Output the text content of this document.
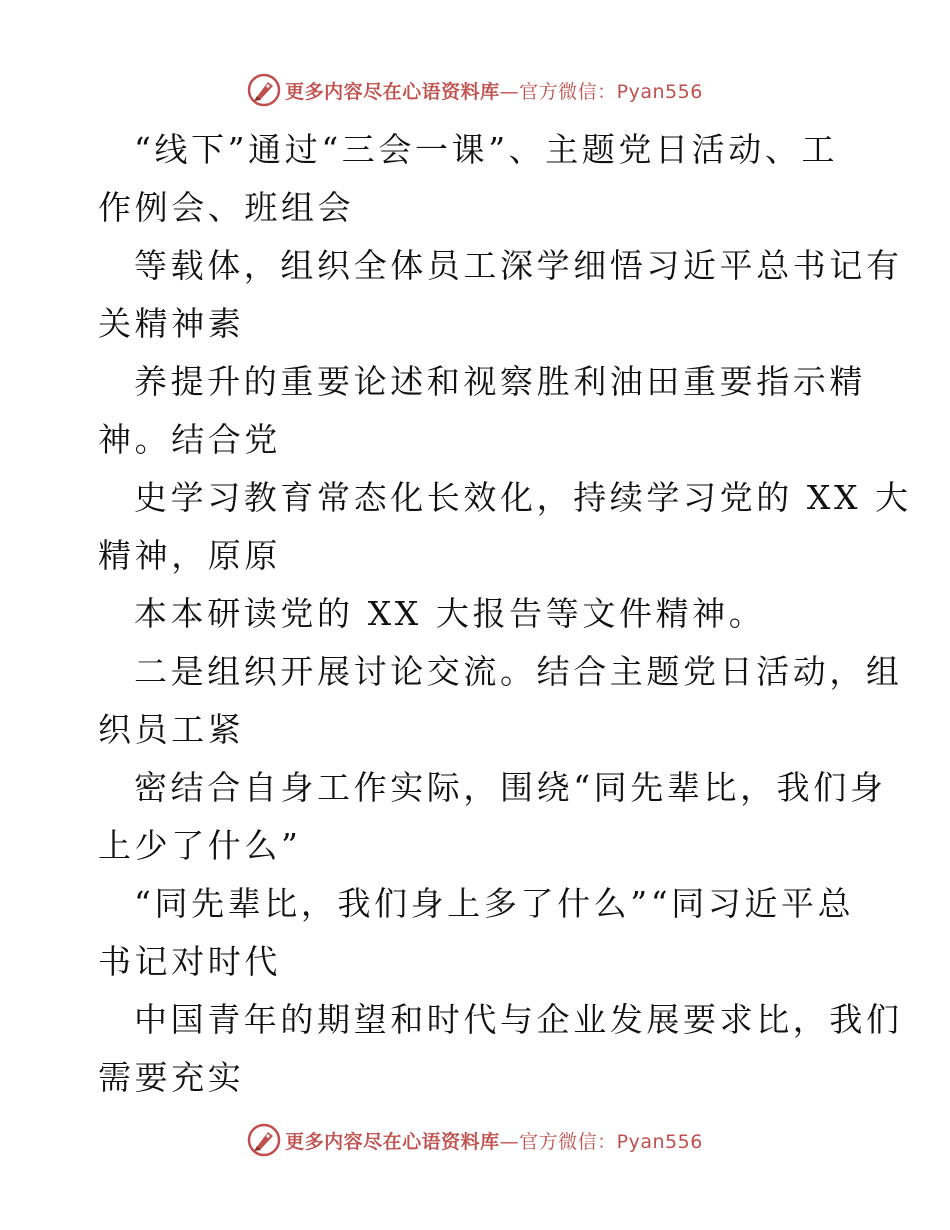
更多内容尽在心语资料库—官方微信：Pyan556
“线下”通过“三会一课”、主题党日活动、工
作例会、班组会
等载体，组织全体员工深学细悟习近平总书记有
关精神素
养提升的重要论述和视察胜利油田重要指示精
神。结合党
史学习教育常态化长效化，持续学习党的 XX 大
精神，原原
本本研读党的 XX 大报告等文件精神。
二是组织开展讨论交流。结合主题党日活动，组
织员工紧
密结合自身工作实际，围绕“同先辈比，我们身
上少了什么”
“同先辈比，我们身上多了什么”“同习近平总
书记对时代
中国青年的期望和时代与企业发展要求比，我们
需要充实
更多内容尽在心语资料库—官方微信：Pyan556
